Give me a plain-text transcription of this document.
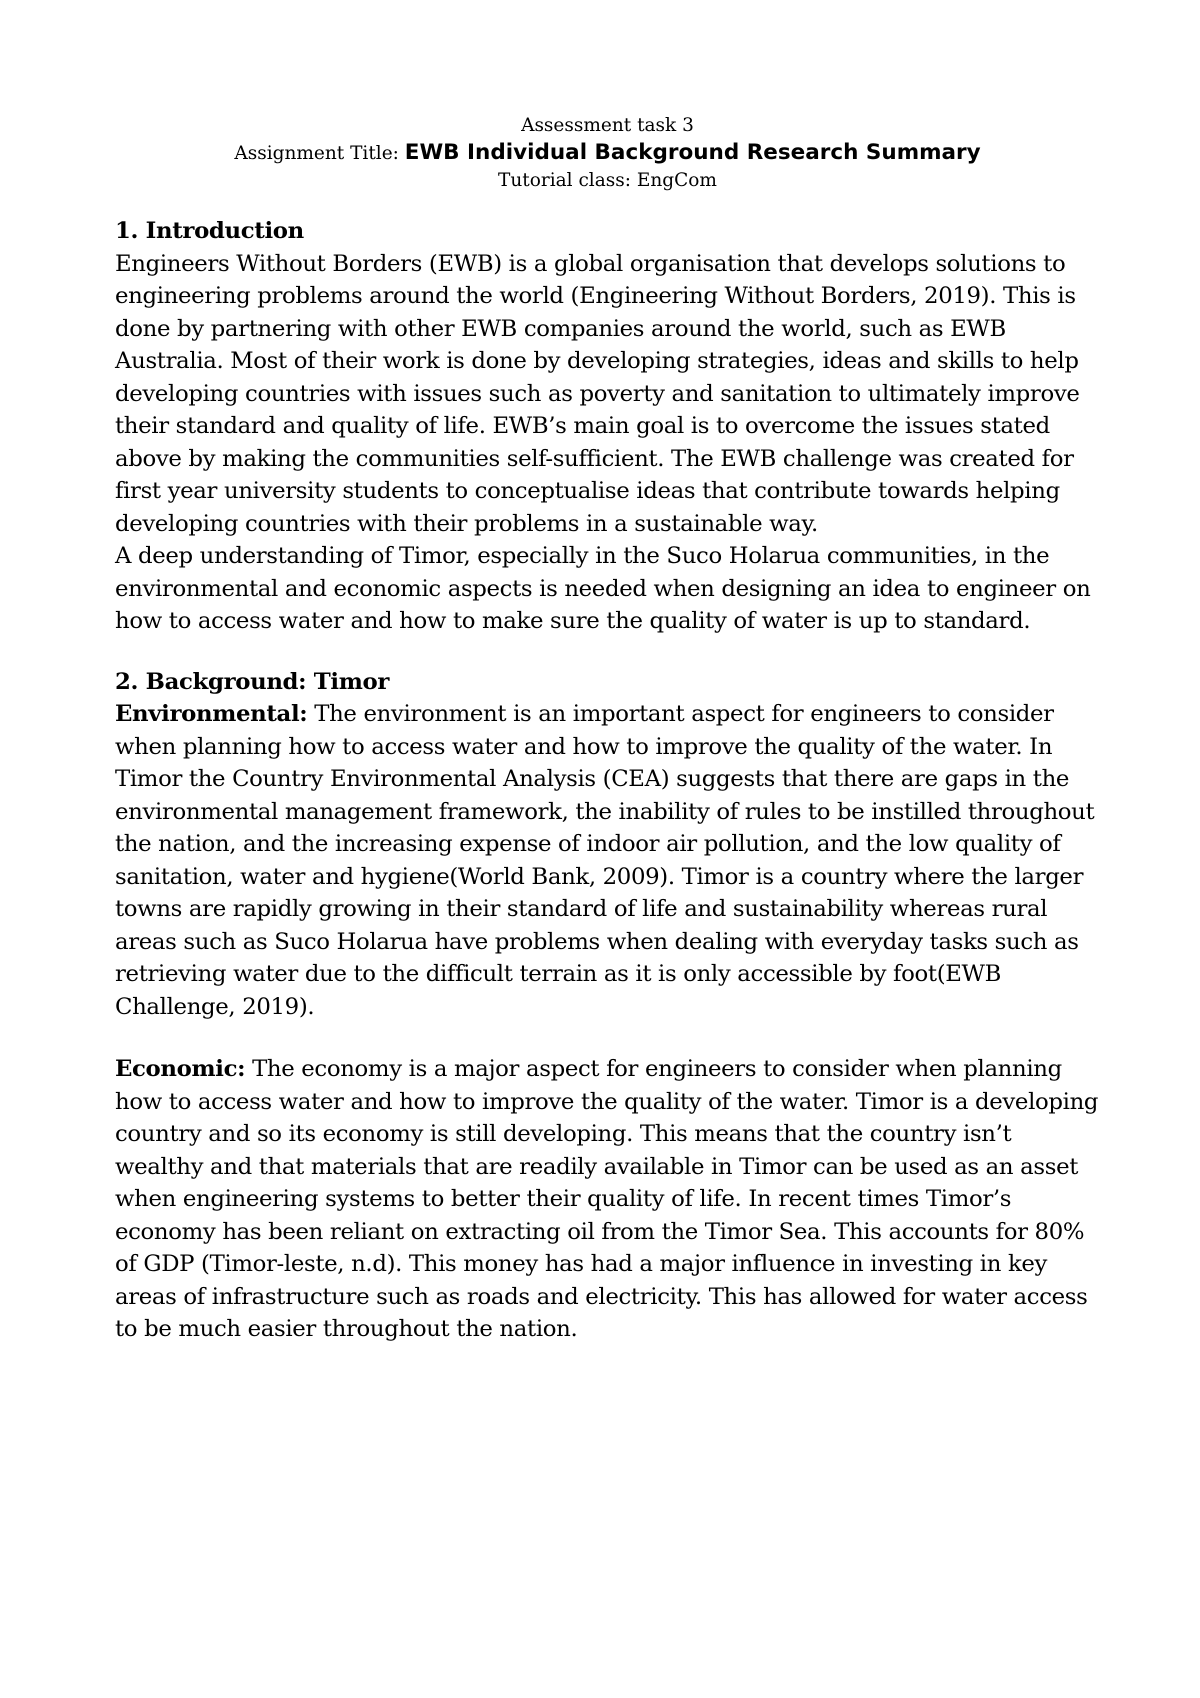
Assessment task 3
Assignment Title: EWB Individual Background Research Summary
Tutorial class: EngCom
1. Introduction

Engineers Without Borders (EWB) is a global organisation that develops solutions to engineering problems around the world (Engineering Without Borders, 2019). This is done by partnering with other EWB companies around the world, such as EWB Australia. Most of their work is done by developing strategies, ideas and skills to help developing countries with issues such as poverty and sanitation to ultimately improve their standard and quality of life. EWB’s main goal is to overcome the issues stated above by making the communities self-sufficient. The EWB challenge was created for first year university students to conceptualise ideas that contribute towards helping developing countries with their problems in a sustainable way.

A deep understanding of Timor, especially in the Suco Holarua communities, in the environmental and economic aspects is needed when designing an idea to engineer on how to access water and how to make sure the quality of water is up to standard.

2. Background: Timor

Environmental: The environment is an important aspect for engineers to consider when planning how to access water and how to improve the quality of the water. In Timor the Country Environmental Analysis (CEA) suggests that there are gaps in the environmental management framework, the inability of rules to be instilled throughout the nation, and the increasing expense of indoor air pollution, and the low quality of sanitation, water and hygiene(World Bank, 2009). Timor is a country where the larger towns are rapidly growing in their standard of life and sustainability whereas rural areas such as Suco Holarua have problems when dealing with everyday tasks such as retrieving water due to the difficult terrain as it is only accessible by foot(EWB Challenge, 2019).

Economic: The economy is a major aspect for engineers to consider when planning how to access water and how to improve the quality of the water. Timor is a developing country and so its economy is still developing. This means that the country isn’t wealthy and that materials that are readily available in Timor can be used as an asset when engineering systems to better their quality of life. In recent times Timor’s economy has been reliant on extracting oil from the Timor Sea. This accounts for 80% of GDP (Timor-leste, n.d). This money has had a major influence in investing in key areas of infrastructure such as roads and electricity. This has allowed for water access to be much easier throughout the nation.
